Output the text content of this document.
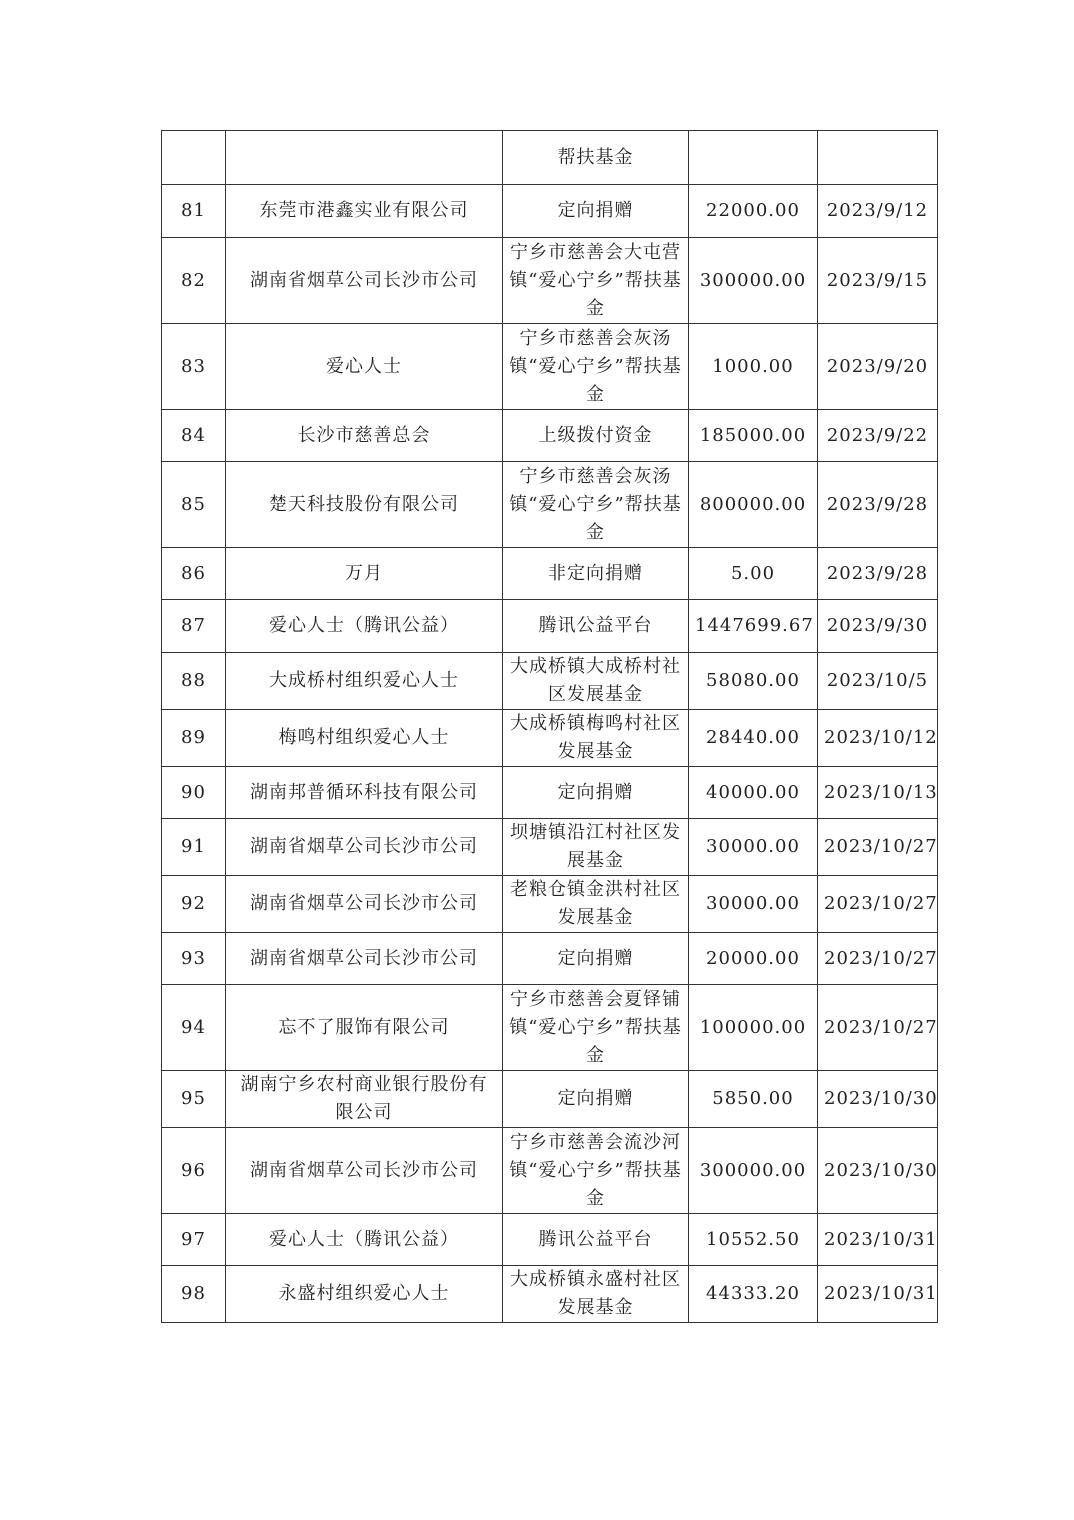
		帮扶基金		
81	东莞市港鑫实业有限公司	定向捐赠	22000.00	2023/9/12
82	湖南省烟草公司长沙市公司	宁乡市慈善会大屯营镇“爱心宁乡”帮扶基金	300000.00	2023/9/15
83	爱心人士	宁乡市慈善会灰汤镇“爱心宁乡”帮扶基金	1000.00	2023/9/20
84	长沙市慈善总会	上级拨付资金	185000.00	2023/9/22
85	楚天科技股份有限公司	宁乡市慈善会灰汤镇“爱心宁乡”帮扶基金	800000.00	2023/9/28
86	万月	非定向捐赠	5.00	2023/9/28
87	爱心人士（腾讯公益）	腾讯公益平台	1447699.67	2023/9/30
88	大成桥村组织爱心人士	大成桥镇大成桥村社区发展基金	58080.00	2023/10/5
89	梅鸣村组织爱心人士	大成桥镇梅鸣村社区发展基金	28440.00	2023/10/12
90	湖南邦普循环科技有限公司	定向捐赠	40000.00	2023/10/13
91	湖南省烟草公司长沙市公司	坝塘镇沿江村社区发展基金	30000.00	2023/10/27
92	湖南省烟草公司长沙市公司	老粮仓镇金洪村社区发展基金	30000.00	2023/10/27
93	湖南省烟草公司长沙市公司	定向捐赠	20000.00	2023/10/27
94	忘不了服饰有限公司	宁乡市慈善会夏铎铺镇“爱心宁乡”帮扶基金	100000.00	2023/10/27
95	湖南宁乡农村商业银行股份有限公司	定向捐赠	5850.00	2023/10/30
96	湖南省烟草公司长沙市公司	宁乡市慈善会流沙河镇“爱心宁乡”帮扶基金	300000.00	2023/10/30
97	爱心人士（腾讯公益）	腾讯公益平台	10552.50	2023/10/31
98	永盛村组织爱心人士	大成桥镇永盛村社区发展基金	44333.20	2023/10/31
